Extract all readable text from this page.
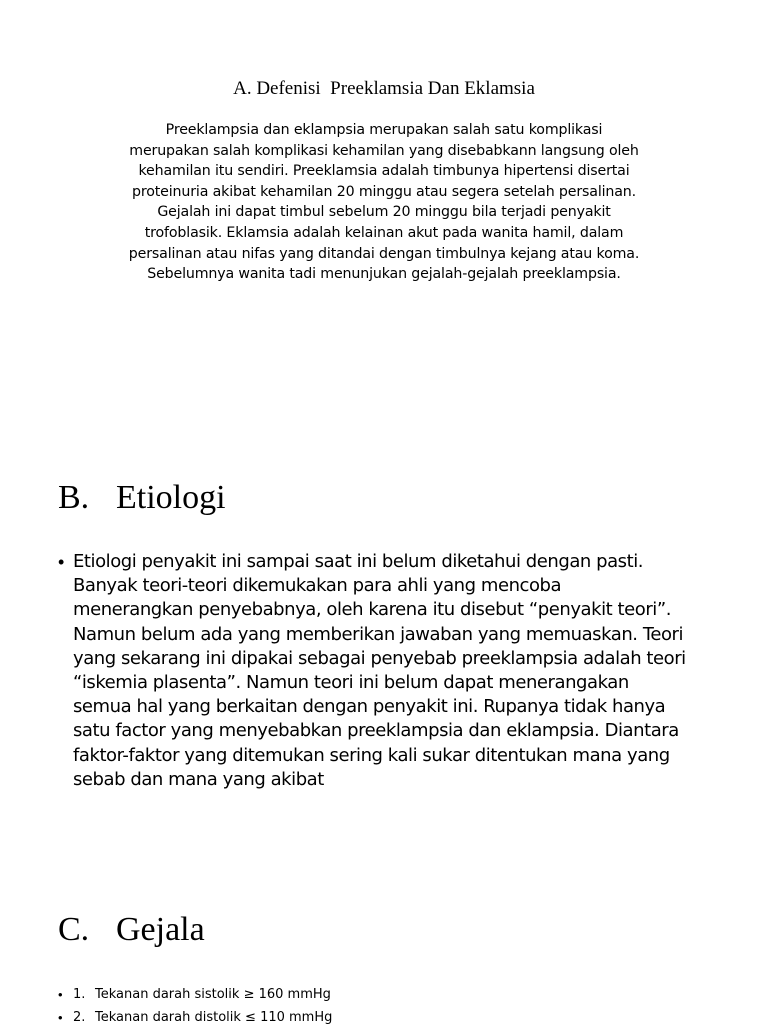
A. Defenisi  Preeklamsia Dan Eklamsia

Preeklampsia dan eklampsia merupakan salah satu komplikasi
merupakan salah komplikasi kehamilan yang disebabkann langsung oleh
kehamilan itu sendiri. Preeklamsia adalah timbunya hipertensi disertai
proteinuria akibat kehamilan 20 minggu atau segera setelah persalinan.
Gejalah ini dapat timbul sebelum 20 minggu bila terjadi penyakit
trofoblasik. Eklamsia adalah kelainan akut pada wanita hamil, dalam
persalinan atau nifas yang ditandai dengan timbulnya kejang atau koma.
Sebelumnya wanita tadi menunjukan gejalah-gejalah preeklampsia.

B. Etiologi
• Etiologi penyakit ini sampai saat ini belum diketahui dengan pasti.
Banyak teori-teori dikemukakan para ahli yang mencoba
menerangkan penyebabnya, oleh karena itu disebut “penyakit teori”.
Namun belum ada yang memberikan jawaban yang memuaskan. Teori
yang sekarang ini dipakai sebagai penyebab preeklampsia adalah teori
“iskemia plasenta”. Namun teori ini belum dapat menerangakan
semua hal yang berkaitan dengan penyakit ini. Rupanya tidak hanya
satu factor yang menyebabkan preeklampsia dan eklampsia. Diantara
faktor-faktor yang ditemukan sering kali sukar ditentukan mana yang
sebab dan mana yang akibat
C. Gejala
• 1. Tekanan darah sistolik ≥ 160 mmHg
• 2. Tekanan darah distolik ≤ 110 mmHg
